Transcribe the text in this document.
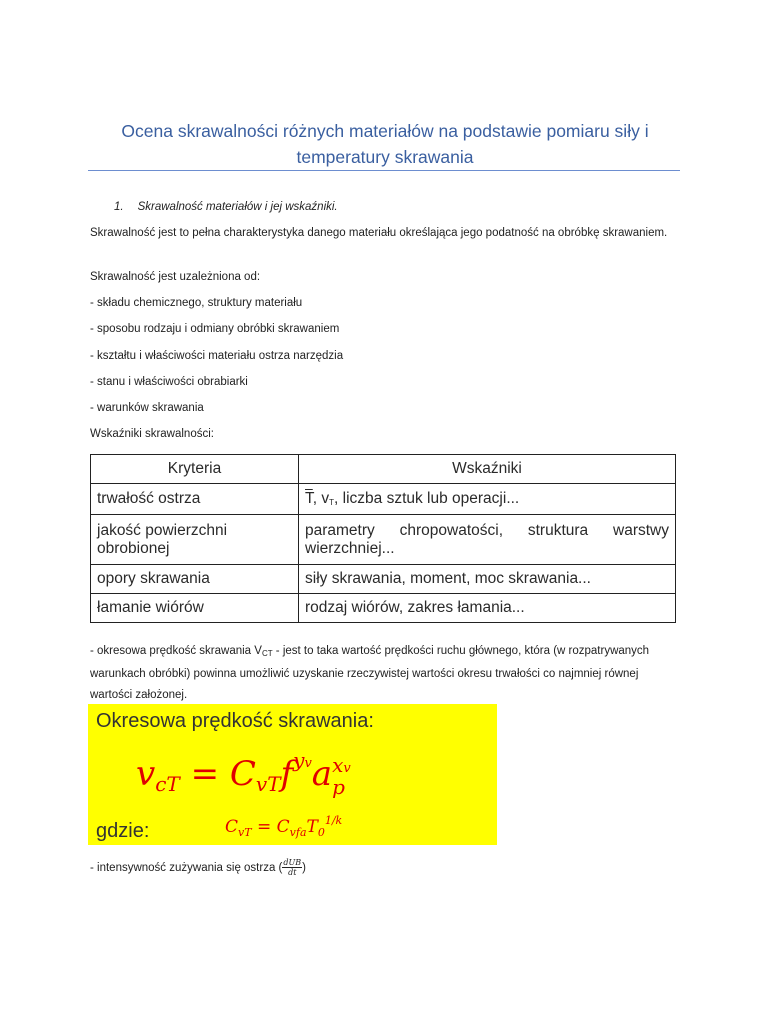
Ocena skrawalności różnych materiałów na podstawie pomiaru siły i temperatury skrawania
1. Skrawalność materiałów i jej wskaźniki.
Skrawalność jest to pełna charakterystyka danego materiału określająca jego podatność na obróbkę skrawaniem.
Skrawalność jest uzależniona od:
- składu chemicznego, struktury materiału
- sposobu rodzaju i odmiany obróbki skrawaniem
- kształtu i właściwości materiału ostrza narzędzia
- stanu i właściwości obrabiarki
- warunków skrawania
Wskaźniki skrawalności:
Kryteria	Wskaźniki
trwałość ostrza	$\overline{T}$, $v_T$, liczba sztuk lub operacji...
jakość powierzchni obrobionej	parametry chropowatości, struktura warstwy wierzchniej...
opory skrawania	siły skrawania, moment, moc skrawania...
łamanie wiórów	rodzaj wiórów, zakres łamania...
- okresowa prędkość skrawania $V_{CT}$ - jest to taka wartość prędkości ruchu głównego, która (w rozpatrywanych warunkach obróbki) powinna umożliwić uzyskanie rzeczywistej wartości okresu trwałości co najmniej równej wartości założonej.
Okresowa prędkość skrawania:
$v_{cT} = C_{vT}f^{yv}a$ xv
p
gdzie:	$C_{vT} = C_{vfa}T_0^{1/k}$
- intensywność zużywania się ostrza ( $\frac{\text{dUB}}{dt}$ )
